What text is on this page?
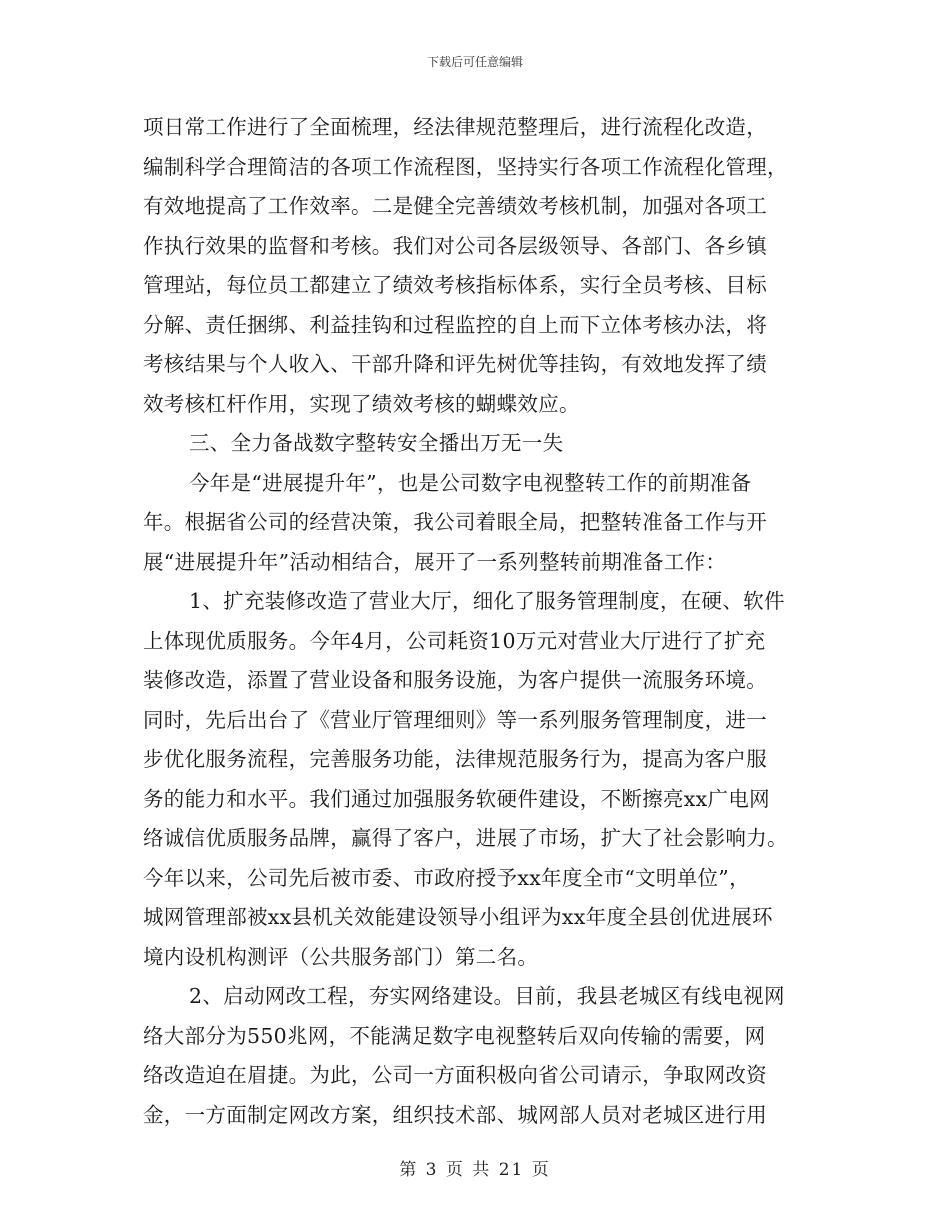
下载后可任意编辑
项日常工作进行了全面梳理，经法律规范整理后，进行流程化改造，
编制科学合理简洁的各项工作流程图，坚持实行各项工作流程化管理，
有效地提高了工作效率。二是健全完善绩效考核机制，加强对各项工
作执行效果的监督和考核。我们对公司各层级领导、各部门、各乡镇
管理站，每位员工都建立了绩效考核指标体系，实行全员考核、目标
分解、责任捆绑、利益挂钩和过程监控的自上而下立体考核办法，将
考核结果与个人收入、干部升降和评先树优等挂钩，有效地发挥了绩
效考核杠杆作用，实现了绩效考核的蝴蝶效应。
三、全力备战数字整转安全播出万无一失
今年是“进展提升年”，也是公司数字电视整转工作的前期准备
年。根据省公司的经营决策，我公司着眼全局，把整转准备工作与开
展“进展提升年”活动相结合，展开了一系列整转前期准备工作：
1、扩充装修改造了营业大厅，细化了服务管理制度，在硬、软件
上体现优质服务。今年4月，公司耗资10万元对营业大厅进行了扩充
装修改造，添置了营业设备和服务设施，为客户提供一流服务环境。
同时，先后出台了《营业厅管理细则》等一系列服务管理制度，进一
步优化服务流程，完善服务功能，法律规范服务行为，提高为客户服
务的能力和水平。我们通过加强服务软硬件建设，不断擦亮xx广电网
络诚信优质服务品牌，赢得了客户，进展了市场，扩大了社会影响力。
今年以来，公司先后被市委、市政府授予xx年度全市“文明单位”，
城网管理部被xx县机关效能建设领导小组评为xx年度全县创优进展环
境内设机构测评（公共服务部门）第二名。
2、启动网改工程，夯实网络建设。目前，我县老城区有线电视网
络大部分为550兆网，不能满足数字电视整转后双向传输的需要，网
络改造迫在眉捷。为此，公司一方面积极向省公司请示，争取网改资
金，一方面制定网改方案，组织技术部、城网部人员对老城区进行用
第 3 页 共 21 页
